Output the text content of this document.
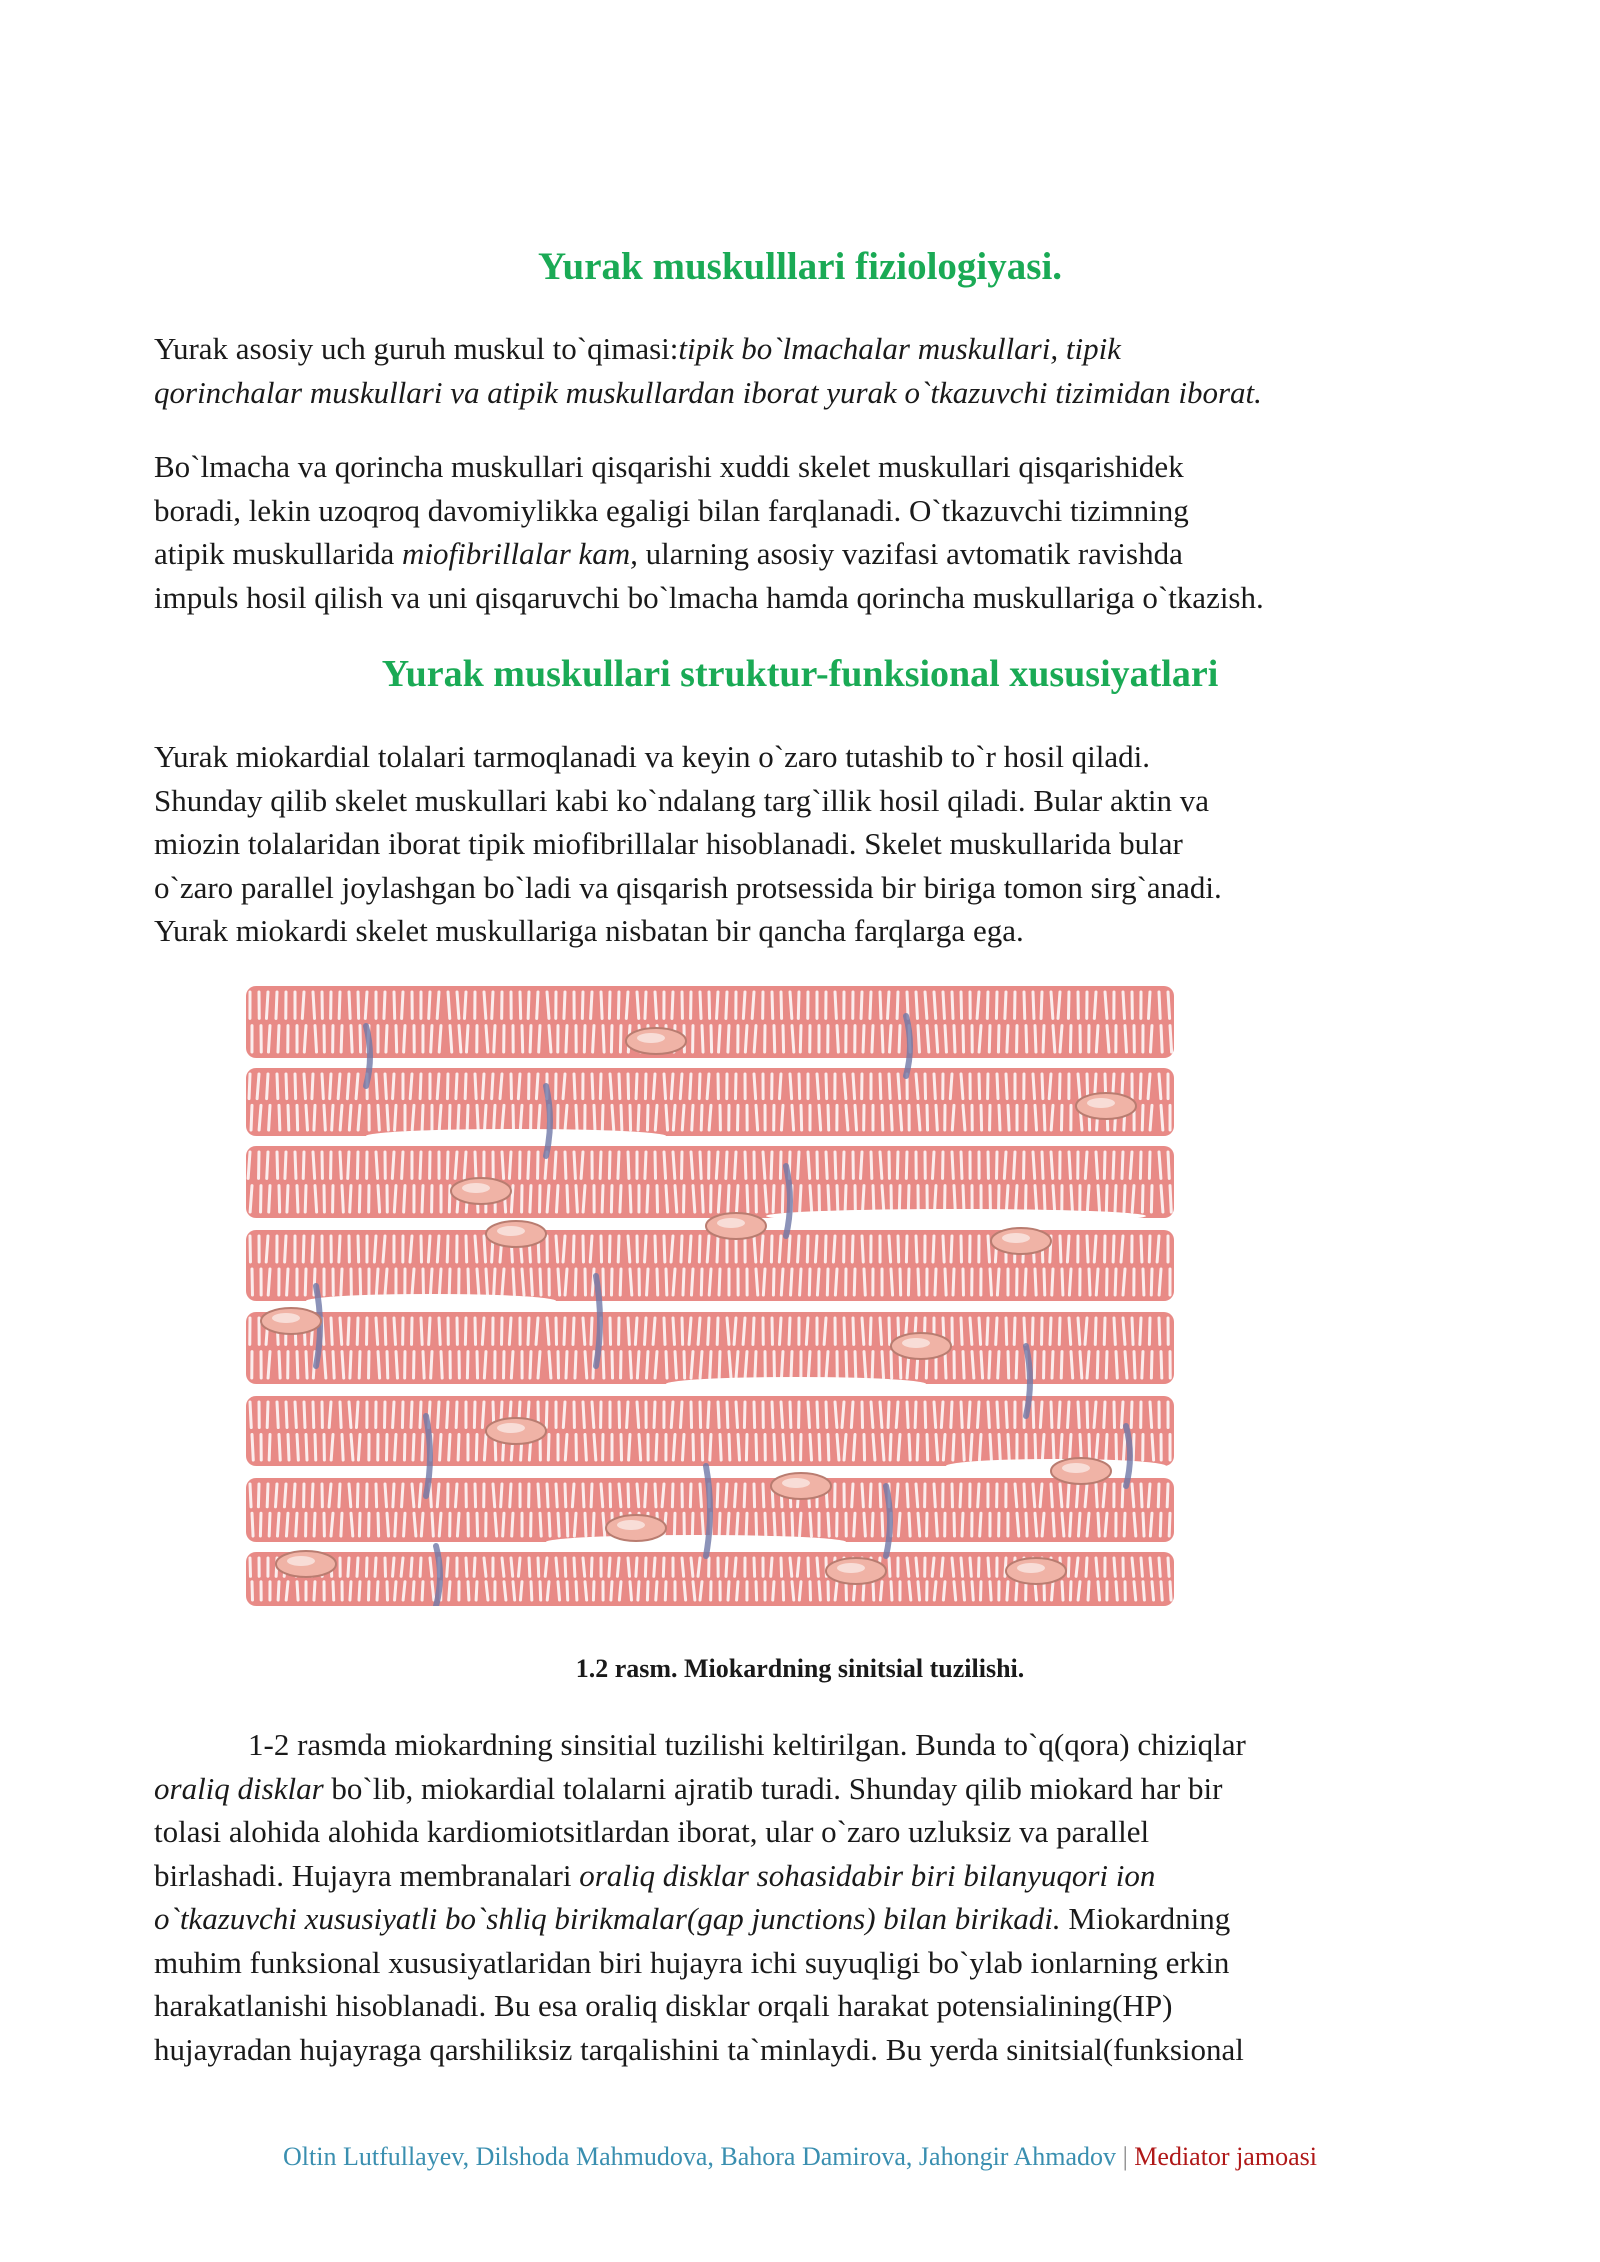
Yurak muskulllari fiziologiyasi.
Yurak asosiy uch guruh muskul to`qimasi:tipik bo`lmachalar muskullari, tipik
qorinchalar muskullari va atipik muskullardan iborat yurak o`tkazuvchi tizimidan iborat.
Bo`lmacha va qorincha muskullari qisqarishi xuddi skelet muskullari qisqarishidek
boradi, lekin uzoqroq davomiylikka egaligi bilan farqlanadi. O`tkazuvchi tizimning
atipik muskullarida miofibrillalar kam, ularning asosiy vazifasi avtomatik ravishda
impuls hosil qilish va uni qisqaruvchi bo`lmacha hamda qorincha muskullariga o`tkazish.
Yurak muskullari struktur-funksional xususiyatlari
Yurak miokardial tolalari tarmoqlanadi va keyin o`zaro tutashib to`r hosil qiladi.
Shunday qilib skelet muskullari kabi ko`ndalang targ`illik hosil qiladi. Bular aktin va
miozin tolalaridan iborat tipik miofibrillalar hisoblanadi. Skelet muskullarida bular
o`zaro parallel joylashgan bo`ladi va qisqarish protsessida bir biriga tomon sirg`anadi.
Yurak miokardi skelet muskullariga nisbatan bir qancha farqlarga ega.

1.2 rasm. Miokardning sinitsial tuzilishi.

1-2 rasmda miokardning sinsitial tuzilishi keltirilgan. Bunda to`q(qora) chiziqlar
oraliq disklar bo`lib, miokardial tolalarni ajratib turadi. Shunday qilib miokard har bir
tolasi alohida alohida kardiomiotsitlardan iborat, ular o`zaro uzluksiz va parallel
birlashadi. Hujayra membranalari oraliq disklar sohasidabir biri bilanyuqori ion
o`tkazuvchi xususiyatli bo`shliq birikmalar(gap junctions) bilan birikadi. Miokardning
muhim funksional xususiyatlaridan biri hujayra ichi suyuqligi bo`ylab ionlarning erkin
harakatlanishi hisoblanadi. Bu esa oraliq disklar orqali harakat potensialining(HP)
hujayradan hujayraga qarshiliksiz tarqalishini ta`minlaydi. Bu yerda sinitsial(funksional
Oltin Lutfullayev, Dilshoda Mahmudova, Bahora Damirova, Jahongir Ahmadov | Mediator jamoasi
